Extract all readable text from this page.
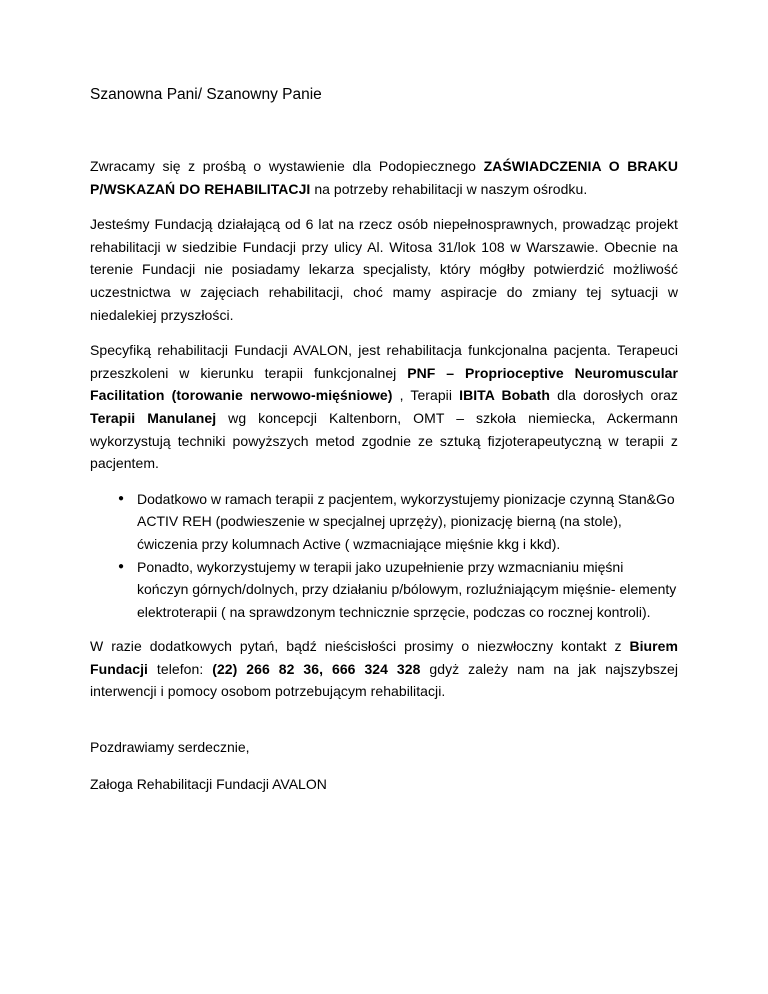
Szanowna Pani/ Szanowny Panie

Zwracamy się z prośbą o wystawienie dla Podopiecznego ZAŚWIADCZENIA O BRAKU P/WSKAZAŃ DO REHABILITACJI na potrzeby rehabilitacji w naszym ośrodku.

Jesteśmy Fundacją działającą od 6 lat na rzecz osób niepełnosprawnych, prowadząc projekt rehabilitacji w siedzibie Fundacji przy ulicy Al. Witosa 31/lok 108 w Warszawie. Obecnie na terenie Fundacji nie posiadamy lekarza specjalisty, który mógłby potwierdzić możliwość uczestnictwa w zajęciach rehabilitacji, choć mamy aspiracje do zmiany tej sytuacji w niedalekiej przyszłości.

Specyfiką rehabilitacji Fundacji AVALON, jest rehabilitacja funkcjonalna pacjenta. Terapeuci przeszkoleni w kierunku terapii funkcjonalnej PNF – Proprioceptive Neuromuscular Facilitation (torowanie nerwowo-mięśniowe) , Terapii IBITA Bobath dla dorosłych oraz Terapii Manulanej wg koncepcji Kaltenborn, OMT – szkoła niemiecka, Ackermann wykorzystują techniki powyższych metod zgodnie ze sztuką fizjoterapeutyczną w terapii z pacjentem.

● Dodatkowo w ramach terapii z pacjentem, wykorzystujemy pionizacje czynną Stan&Go ACTIV REH (podwieszenie w specjalnej uprzęży), pionizację bierną (na stole), ćwiczenia przy kolumnach Active ( wzmacniające mięśnie kkg i kkd).
● Ponadto, wykorzystujemy w terapii jako uzupełnienie przy wzmacnianiu mięśni kończyn górnych/dolnych, przy działaniu p/bólowym, rozluźniającym mięśnie- elementy elektroterapii ( na sprawdzonym technicznie sprzęcie, podczas co rocznej kontroli).

W razie dodatkowych pytań, bądź nieścisłości prosimy o niezwłoczny kontakt z Biurem Fundacji telefon: (22) 266 82 36, 666 324 328 gdyż zależy nam na jak najszybszej interwencji i pomocy osobom potrzebującym rehabilitacji.

Pozdrawiamy serdecznie,
Załoga Rehabilitacji Fundacji AVALON
